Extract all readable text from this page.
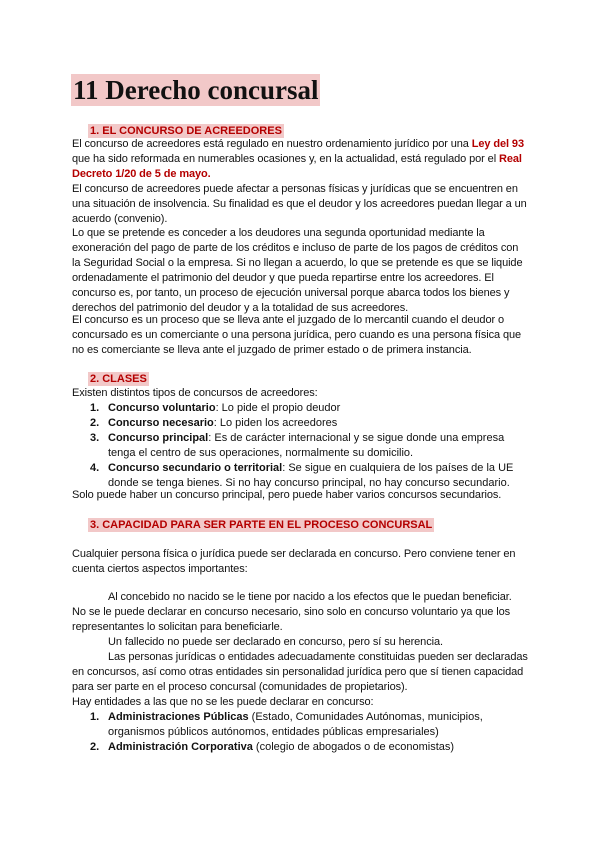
11 Derecho concursal
1. EL CONCURSO DE ACREEDORES

El concurso de acreedores está regulado en nuestro ordenamiento jurídico por una Ley del 93 que ha sido reformada en numerables ocasiones y, en la actualidad, está regulado por el Real Decreto 1/20 de 5 de mayo.

El concurso de acreedores puede afectar a personas físicas y jurídicas que se encuentren en una situación de insolvencia. Su finalidad es que el deudor y los acreedores puedan llegar a un acuerdo (convenio).

Lo que se pretende es conceder a los deudores una segunda oportunidad mediante la exoneración del pago de parte de los créditos e incluso de parte de los pagos de créditos con la Seguridad Social o la empresa. Si no llegan a acuerdo, lo que se pretende es que se liquide ordenadamente el patrimonio del deudor y que pueda repartirse entre los acreedores. El concurso es, por tanto, un proceso de ejecución universal porque abarca todos los bienes y derechos del patrimonio del deudor y a la totalidad de sus acreedores.

El concurso es un proceso que se lleva ante el juzgado de lo mercantil cuando el deudor o concursado es un comerciante o una persona jurídica, pero cuando es una persona física que no es comerciante se lleva ante el juzgado de primer estado o de primera instancia.

2. CLASES

Existen distintos tipos de concursos de acreedores:

1. Concurso voluntario: Lo pide el propio deudor
2. Concurso necesario: Lo piden los acreedores
3. Concurso principal: Es de carácter internacional y se sigue donde una empresa tenga el centro de sus operaciones, normalmente su domicilio.
4. Concurso secundario o territorial: Se sigue en cualquiera de los países de la UE donde se tenga bienes. Si no hay concurso principal, no hay concurso secundario.

Solo puede haber un concurso principal, pero puede haber varios concursos secundarios.

3. CAPACIDAD PARA SER PARTE EN EL PROCESO CONCURSAL

Cualquier persona física o jurídica puede ser declarada en concurso. Pero conviene tener en cuenta ciertos aspectos importantes:

Al concebido no nacido se le tiene por nacido a los efectos que le puedan beneficiar. No se le puede declarar en concurso necesario, sino solo en concurso voluntario ya que los representantes lo solicitan para beneficiarle.

Un fallecido no puede ser declarado en concurso, pero sí su herencia.

Las personas jurídicas o entidades adecuadamente constituidas pueden ser declaradas en concursos, así como otras entidades sin personalidad jurídica pero que sí tienen capacidad para ser parte en el proceso concursal (comunidades de propietarios).

Hay entidades a las que no se les puede declarar en concurso:

1. Administraciones Públicas (Estado, Comunidades Autónomas, municipios, organismos públicos autónomos, entidades públicas empresariales)
2. Administración Corporativa (colegio de abogados o de economistas)
